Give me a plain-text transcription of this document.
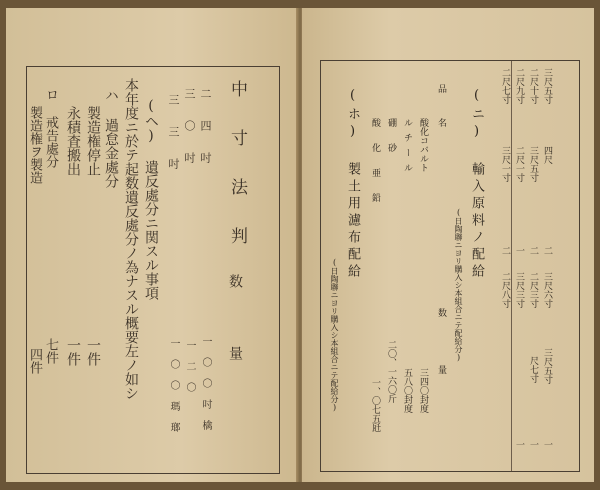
中 寸 法 判
数　　量
二 四 吋
一 〇 〇 吋 檎
三 〇 吋
一 二 〇
三 三 吋
一 〇 〇 瑪 瑯
(ヘ) 遺反處分ニ関スル事項
本年度ニ於テ起数遺反處分ノ為ナスル概要左ノ如シ
ハ 過怠金處分
製造権停止
一件
永積査搬出
一件
ロ 戒告處分
七件
製造権ヲ製造
四件
三尺五寸
二尺十寸
二尺九寸
二尺七寸
四尺
三尺五寸
二尺一寸
三尺一寸
二
二
一
二
三尺六寸
二尺三寸
三尺三寸
二尺八寸
三尺五寸
尺七寸
一
一
一
(ニ) 輸入原料ノ配給
(日陶聯ニヨリ購入シ本組合ニテ配給分)
品　名
数　　量
酸化コバルト
三四〇封度
ルチール
五八〇封度
硼砂
二〇、一六〇斤
酸化亜鉛
一、〇七五瓩
(ホ) 製土用濾布配給
(日陶聯ニヨリ購入シ本組合ニテ配給分)
